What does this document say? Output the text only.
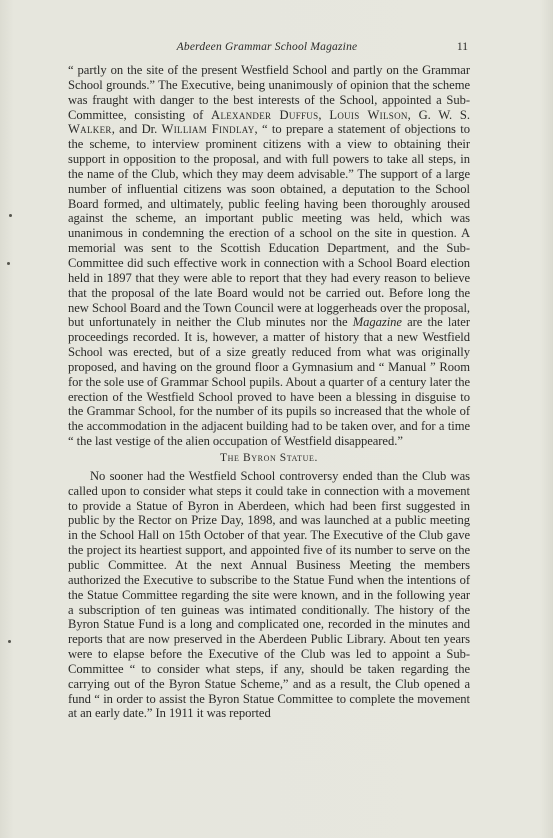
Aberdeen Grammar School Magazine	11

“ partly on the site of the present Westfield School and partly on the Grammar School grounds.” The Executive, being unanimously of opinion that the scheme was fraught with danger to the best interests of the School, appointed a Sub-Committee, consisting of Alexander Duffus, Louis Wilson, G. W. S. Walker, and Dr. William Findlay, “ to prepare a statement of objections to the scheme, to interview prominent citizens with a view to obtaining their support in opposition to the proposal, and with full powers to take all steps, in the name of the Club, which they may deem advisable.” The support of a large number of influential citizens was soon obtained, a deputation to the School Board formed, and ultimately, public feeling having been thoroughly aroused against the scheme, an important public meeting was held, which was unanimous in condemning the erection of a school on the site in question. A memorial was sent to the Scottish Education Department, and the Sub-Committee did such effective work in connection with a School Board election held in 1897 that they were able to report that they had every reason to believe that the proposal of the late Board would not be carried out. Before long the new School Board and the Town Council were at loggerheads over the proposal, but unfortunately in neither the Club minutes nor the Magazine are the later proceedings recorded. It is, however, a matter of history that a new Westfield School was erected, but of a size greatly reduced from what was originally proposed, and having on the ground floor a Gymnasium and “ Manual ” Room for the sole use of Grammar School pupils. About a quarter of a century later the erection of the Westfield School proved to have been a blessing in disguise to the Grammar School, for the number of its pupils so increased that the whole of the accommodation in the adjacent building had to be taken over, and for a time “ the last vestige of the alien occupation of Westfield disappeared.”

The Byron Statue.

No sooner had the Westfield School controversy ended than the Club was called upon to consider what steps it could take in connection with a movement to provide a Statue of Byron in Aberdeen, which had been first suggested in public by the Rector on Prize Day, 1898, and was launched at a public meeting in the School Hall on 15th October of that year. The Executive of the Club gave the project its heartiest support, and appointed five of its number to serve on the public Committee. At the next Annual Business Meeting the members authorized the Executive to subscribe to the Statue Fund when the intentions of the Statue Committee regarding the site were known, and in the following year a subscription of ten guineas was intimated conditionally. The history of the Byron Statue Fund is a long and complicated one, recorded in the minutes and reports that are now preserved in the Aberdeen Public Library. About ten years were to elapse before the Executive of the Club was led to appoint a Sub-Committee “ to consider what steps, if any, should be taken regarding the carrying out of the Byron Statue Scheme,” and as a result, the Club opened a fund “ in order to assist the Byron Statue Committee to complete the movement at an early date.” In 1911 it was reported
